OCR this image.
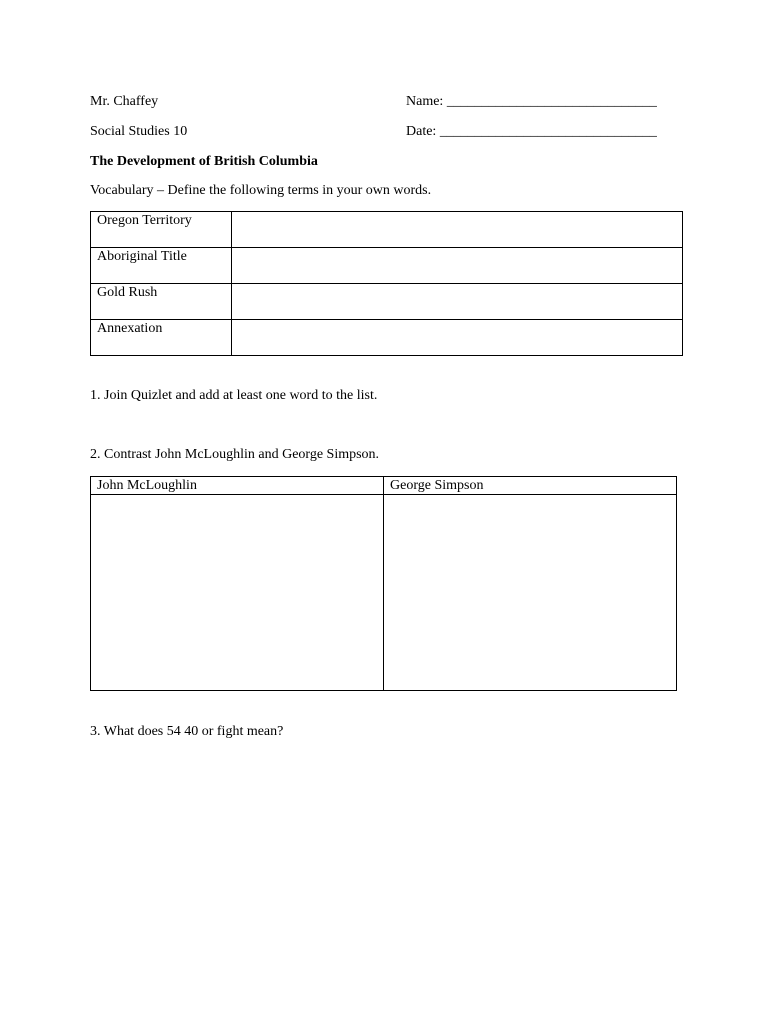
Mr. Chaffey	Name: ______________________________
Social Studies 10	Date: _______________________________
The Development of British Columbia
Vocabulary – Define the following terms in your own words.
Oregon Territory	
Aboriginal Title	
Gold Rush	
Annexation	
1. Join Quizlet and add at least one word to the list.
2. Contrast John McLoughlin and George Simpson.
John McLoughlin	George Simpson

3. What does 54 40 or fight mean?
